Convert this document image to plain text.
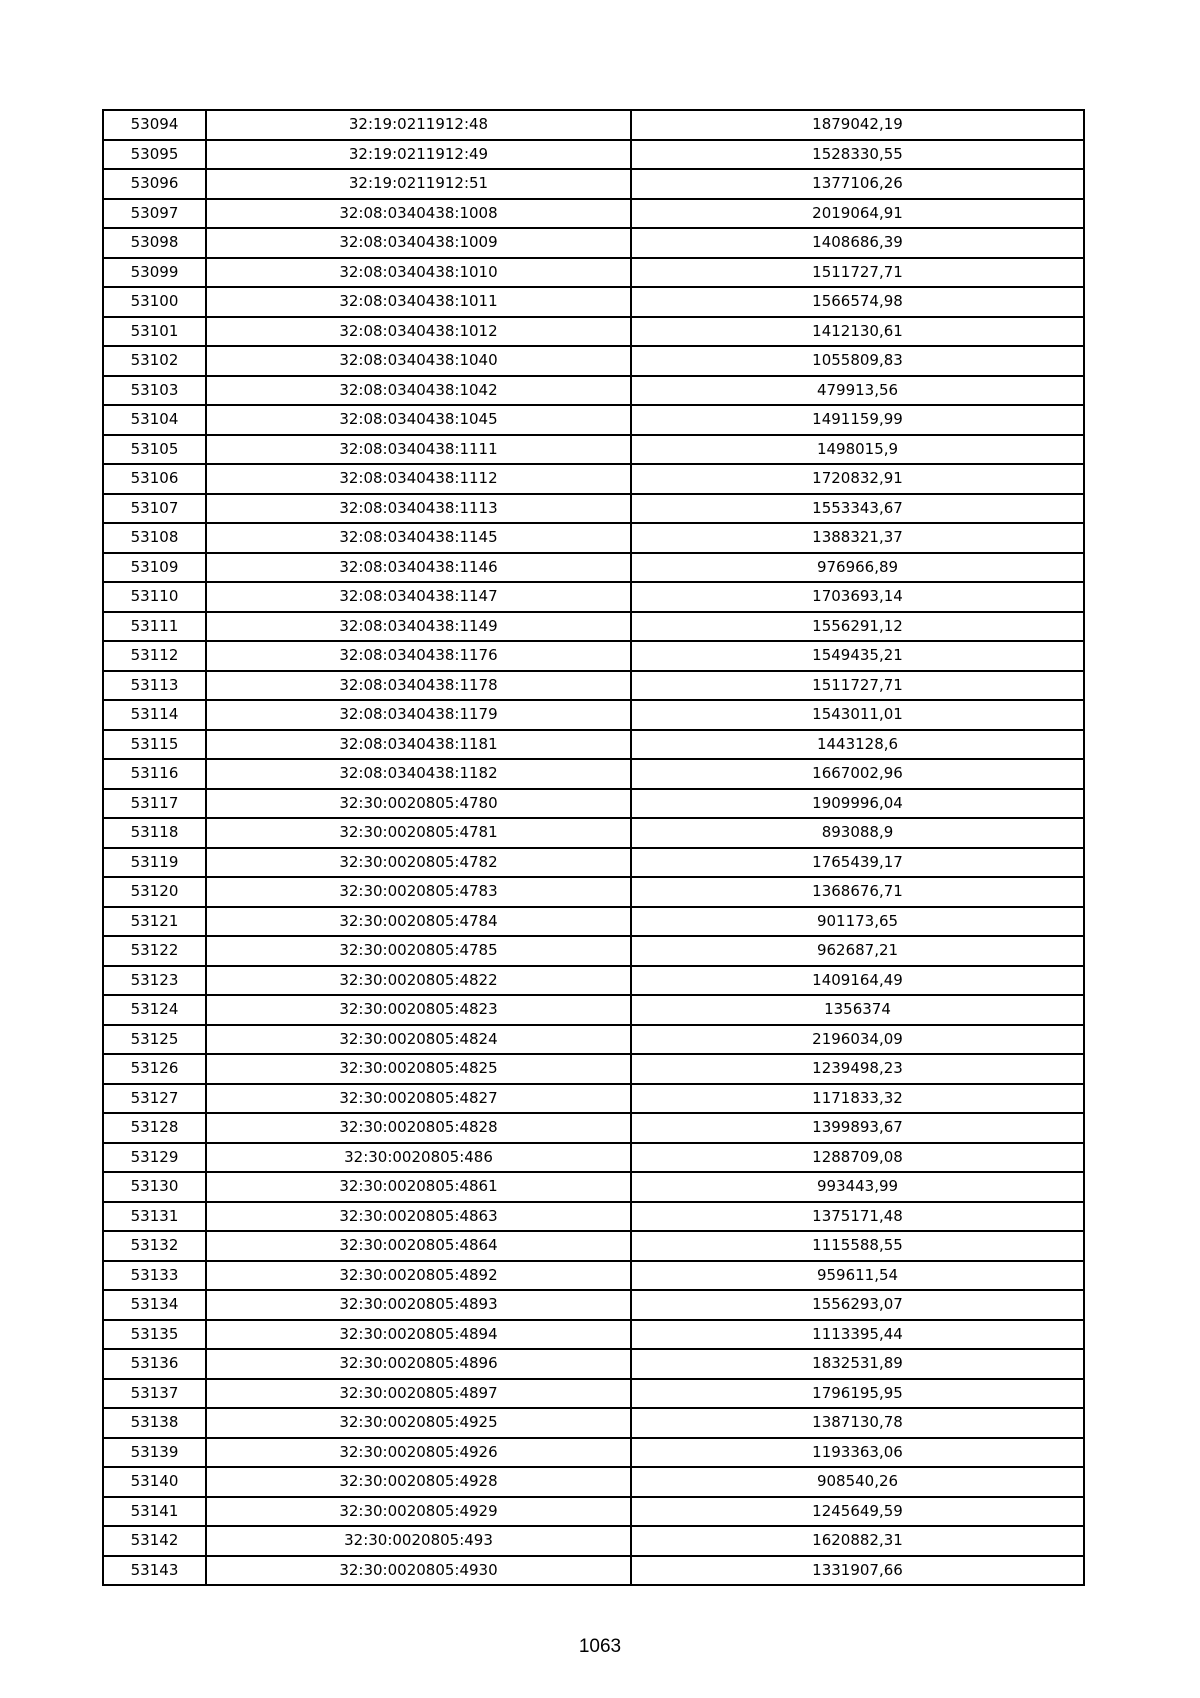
53094	32:19:0211912:48	1879042,19
53095	32:19:0211912:49	1528330,55
53096	32:19:0211912:51	1377106,26
53097	32:08:0340438:1008	2019064,91
53098	32:08:0340438:1009	1408686,39
53099	32:08:0340438:1010	1511727,71
53100	32:08:0340438:1011	1566574,98
53101	32:08:0340438:1012	1412130,61
53102	32:08:0340438:1040	1055809,83
53103	32:08:0340438:1042	479913,56
53104	32:08:0340438:1045	1491159,99
53105	32:08:0340438:1111	1498015,9
53106	32:08:0340438:1112	1720832,91
53107	32:08:0340438:1113	1553343,67
53108	32:08:0340438:1145	1388321,37
53109	32:08:0340438:1146	976966,89
53110	32:08:0340438:1147	1703693,14
53111	32:08:0340438:1149	1556291,12
53112	32:08:0340438:1176	1549435,21
53113	32:08:0340438:1178	1511727,71
53114	32:08:0340438:1179	1543011,01
53115	32:08:0340438:1181	1443128,6
53116	32:08:0340438:1182	1667002,96
53117	32:30:0020805:4780	1909996,04
53118	32:30:0020805:4781	893088,9
53119	32:30:0020805:4782	1765439,17
53120	32:30:0020805:4783	1368676,71
53121	32:30:0020805:4784	901173,65
53122	32:30:0020805:4785	962687,21
53123	32:30:0020805:4822	1409164,49
53124	32:30:0020805:4823	1356374
53125	32:30:0020805:4824	2196034,09
53126	32:30:0020805:4825	1239498,23
53127	32:30:0020805:4827	1171833,32
53128	32:30:0020805:4828	1399893,67
53129	32:30:0020805:486	1288709,08
53130	32:30:0020805:4861	993443,99
53131	32:30:0020805:4863	1375171,48
53132	32:30:0020805:4864	1115588,55
53133	32:30:0020805:4892	959611,54
53134	32:30:0020805:4893	1556293,07
53135	32:30:0020805:4894	1113395,44
53136	32:30:0020805:4896	1832531,89
53137	32:30:0020805:4897	1796195,95
53138	32:30:0020805:4925	1387130,78
53139	32:30:0020805:4926	1193363,06
53140	32:30:0020805:4928	908540,26
53141	32:30:0020805:4929	1245649,59
53142	32:30:0020805:493	1620882,31
53143	32:30:0020805:4930	1331907,66
1063
